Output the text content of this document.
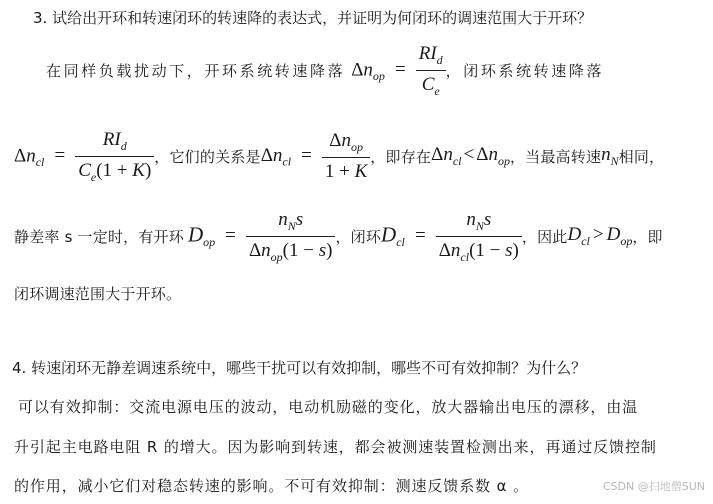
3. 试给出开环和转速闭环的转速降的表达式，并证明为何闭环的调速范围大于开环？
在同样负载扰动下，开环系统转速降落 $\Delta n_{op} = \frac{RI_d}{C_e}$ ，闭环系统转速降落
$\Delta n_{cl} = \frac{RI_d}{C_e(1 + K)}$ ，它们的关系是 $\Delta n_{cl} = \frac{\Delta n_{op}}{1 + K}$ ，即存在 $\Delta n_{cl} < \Delta n_{op}$ ，当最高转速 $n_N$ 相同，
静差率 s 一定时，有开环 $D_{op} = \frac{n_Ns}{\Delta n_{op}(1 - s)}$ ，闭环 $D_{cl} = \frac{n_Ns}{\Delta n_{cl}(1 - s)}$ ，因此 $D_{cl} > D_{op}$ ，即
闭环调速范围大于开环。
4. 转速闭环无静差调速系统中，哪些干扰可以有效抑制，哪些不可有效抑制？为什么？
可以有效抑制：交流电源电压的波动，电动机励磁的变化，放大器输出电压的漂移，由温
升引起主电路电阻 R 的增大。因为影响到转速，都会被测速装置检测出来，再通过反馈控制
的作用，减小它们对稳态转速的影响。不可有效抑制：测速反馈系数 α 。	CSDN @扫地僧SUN
